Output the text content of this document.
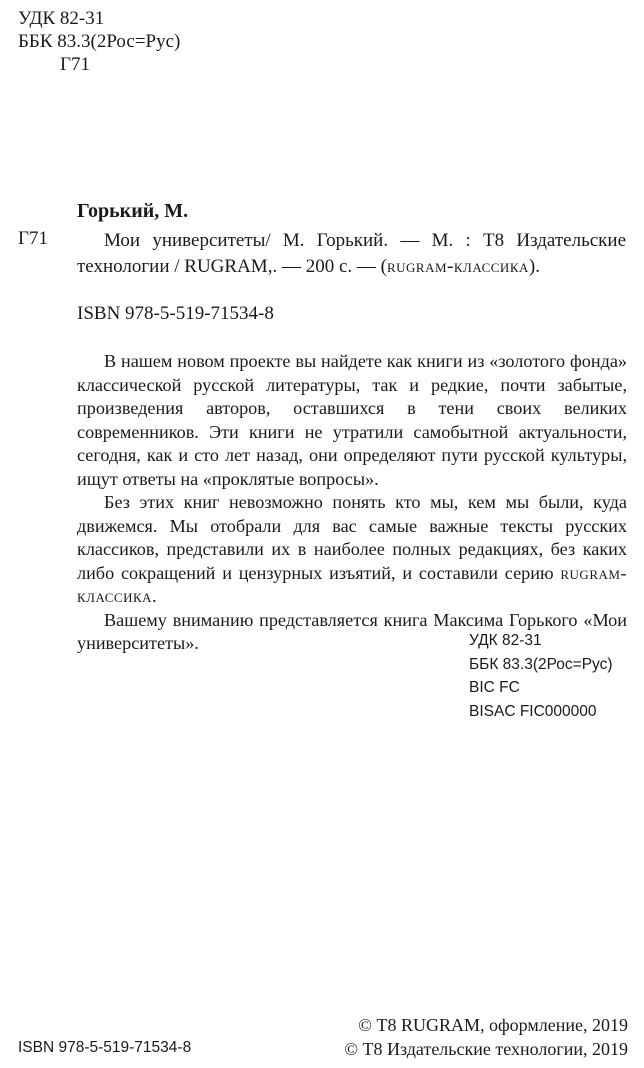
УДК 82-31
ББК 83.3(2Рос=Рус)
Г71
Горький, М.
Г71	Мои университеты/ М. Горький. — М. : Т8 Издательские
технологии / RUGRAM,. — 200 с. — (rugram-классика).
ISBN 978-5-519-71534-8

В нашем новом проекте вы найдете как книги из «золотого фонда» классической русской литературы, так и редкие, почти забытые, произведения авторов, оставшихся в тени своих великих современников. Эти книги не утратили самобытной актуальности, сегодня, как и сто лет назад, они определяют пути русской культуры, ищут ответы на «проклятые вопросы».

Без этих книг невозможно понять кто мы, кем мы были, куда движемся. Мы отобрали для вас самые важные тексты русских классиков, представили их в наиболее полных редакциях, без каких либо сокращений и цензурных изъятий, и составили серию rugram-классика.

Вашему вниманию представляется книга Максима Горького «Мои университеты».	УДК 82-31
ББК 83.3(2Рос=Рус)
BIC FC
BISAC FIC000000
ISBN 978-5-519-71534-8
© Т8 RUGRAM, оформление, 2019
© Т8 Издательские технологии, 2019
